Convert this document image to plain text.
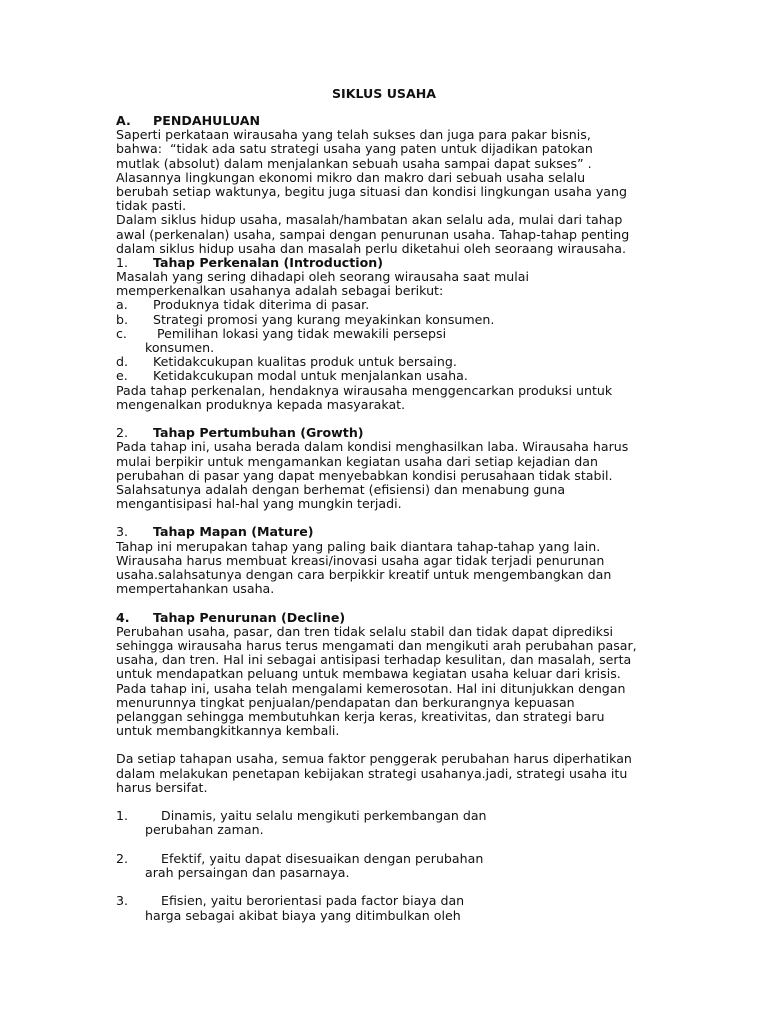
SIKLUS USAHA
A. PENDAHULUAN
Saperti perkataan wirausaha yang telah sukses dan juga para pakar bisnis,
bahwa:  “tidak ada satu strategi usaha yang paten untuk dijadikan patokan
mutlak (absolut) dalam menjalankan sebuah usaha sampai dapat sukses” .
Alasannya lingkungan ekonomi mikro dan makro dari sebuah usaha selalu
berubah setiap waktunya, begitu juga situasi dan kondisi lingkungan usaha yang
tidak pasti.
Dalam siklus hidup usaha, masalah/hambatan akan selalu ada, mulai dari tahap
awal (perkenalan) usaha, sampai dengan penurunan usaha. Tahap-tahap penting
dalam siklus hidup usaha dan masalah perlu diketahui oleh seoraang wirausaha.
1. Tahap Perkenalan (Introduction)
Masalah yang sering dihadapi oleh seorang wirausaha saat mulai
memperkenalkan usahanya adalah sebagai berikut:
a. Produknya tidak diterima di pasar.
b. Strategi promosi yang kurang meyakinkan konsumen.
c. Pemilihan lokasi yang tidak mewakili persepsi
konsumen.
d. Ketidakcukupan kualitas produk untuk bersaing.
e. Ketidakcukupan modal untuk menjalankan usaha.
Pada tahap perkenalan, hendaknya wirausaha menggencarkan produksi untuk
mengenalkan produknya kepada masyarakat.
2. Tahap Pertumbuhan (Growth)
Pada tahap ini, usaha berada dalam kondisi menghasilkan laba. Wirausaha harus
mulai berpikir untuk mengamankan kegiatan usaha dari setiap kejadian dan
perubahan di pasar yang dapat menyebabkan kondisi perusahaan tidak stabil.
Salahsatunya adalah dengan berhemat (efisiensi) dan menabung guna
mengantisipasi hal-hal yang mungkin terjadi.
3. Tahap Mapan (Mature)
Tahap ini merupakan tahap yang paling baik diantara tahap-tahap yang lain.
Wirausaha harus membuat kreasi/inovasi usaha agar tidak terjadi penurunan
usaha.salahsatunya dengan cara berpikkir kreatif untuk mengembangkan dan
mempertahankan usaha.
4. Tahap Penurunan (Decline)
Perubahan usaha, pasar, dan tren tidak selalu stabil dan tidak dapat diprediksi
sehingga wirausaha harus terus mengamati dan mengikuti arah perubahan pasar,
usaha, dan tren. Hal ini sebagai antisipasi terhadap kesulitan, dan masalah, serta
untuk mendapatkan peluang untuk membawa kegiatan usaha keluar dari krisis.
Pada tahap ini, usaha telah mengalami kemerosotan. Hal ini ditunjukkan dengan
menurunnya tingkat penjualan/pendapatan dan berkurangnya kepuasan
pelanggan sehingga membutuhkan kerja keras, kreativitas, dan strategi baru
untuk membangkitkannya kembali.
Da setiap tahapan usaha, semua faktor penggerak perubahan harus diperhatikan
dalam melakukan penetapan kebijakan strategi usahanya.jadi, strategi usaha itu
harus bersifat.
1.  Dinamis, yaitu selalu mengikuti perkembangan dan
perubahan zaman.
2.  Efektif, yaitu dapat disesuaikan dengan perubahan
arah persaingan dan pasarnaya.
3.  Efisien, yaitu berorientasi pada factor biaya dan
harga sebagai akibat biaya yang ditimbulkan oleh
